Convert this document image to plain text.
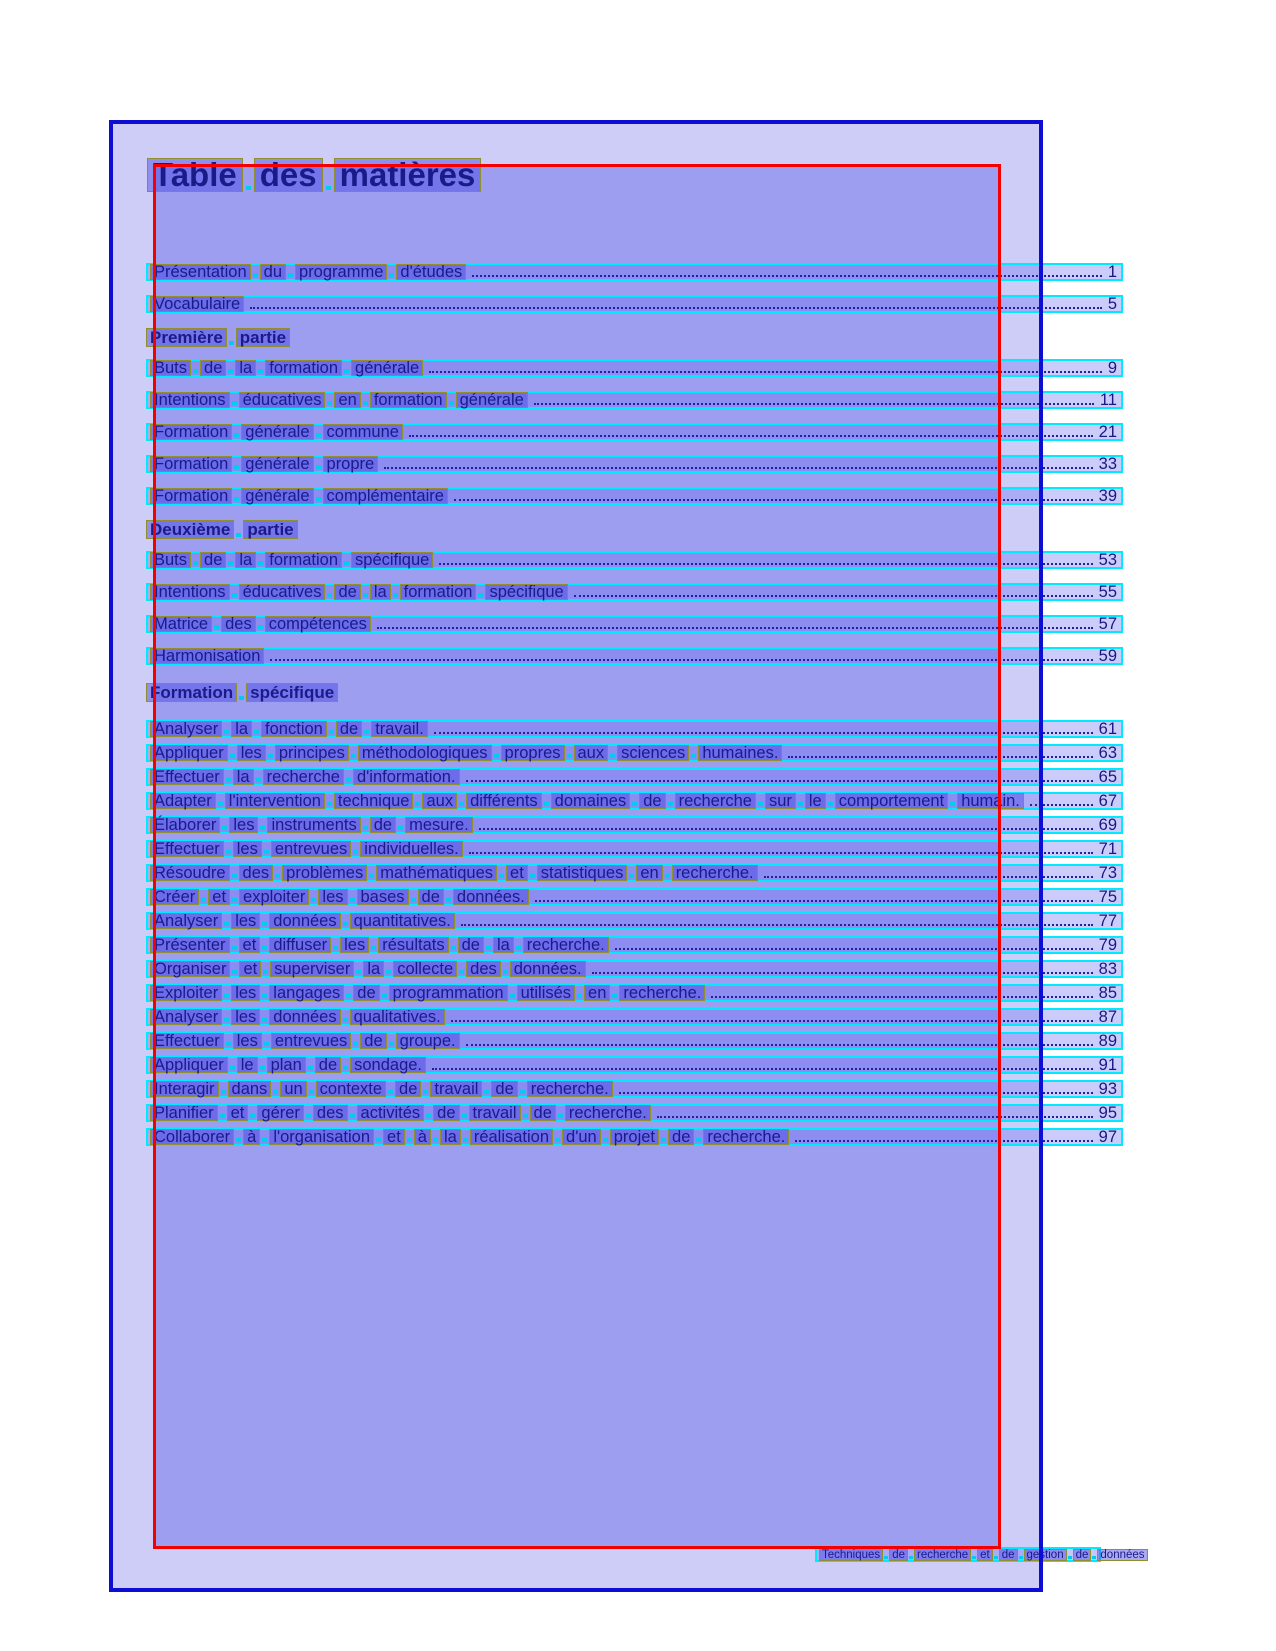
Table des matières
Présentation du programme d'études	1
Vocabulaire	5
Première partie
Buts de la formation générale	9
Intentions éducatives en formation générale	11
Formation générale commune	21
Formation générale propre	33
Formation générale complémentaire	39
Deuxième partie
Buts de la formation spécifique	53
Intentions éducatives de la formation spécifique	55
Matrice des compétences	57
Harmonisation	59
Formation spécifique
Analyser la fonction de travail.	61
Appliquer les principes méthodologiques propres aux sciences humaines.	63
Effectuer la recherche d'information.	65
Adapter l'intervention technique aux différents domaines de recherche sur le comportement humain.	67
Élaborer les instruments de mesure.	69
Effectuer les entrevues individuelles.	71
Résoudre des problèmes mathématiques et statistiques en recherche.	73
Créer et exploiter les bases de données.	75
Analyser les données quantitatives.	77
Présenter et diffuser les résultats de la recherche.	79
Organiser et superviser la collecte des données.	83
Exploiter les langages de programmation utilisés en recherche.	85
Analyser les données qualitatives.	87
Effectuer les entrevues de groupe.	89
Appliquer le plan de sondage.	91
Interagir dans un contexte de travail de recherche.	93
Planifier et gérer des activités de travail de recherche.	95
Collaborer à l'organisation et à la réalisation d'un projet de recherche.	97
Techniques de recherche et de gestion de données
